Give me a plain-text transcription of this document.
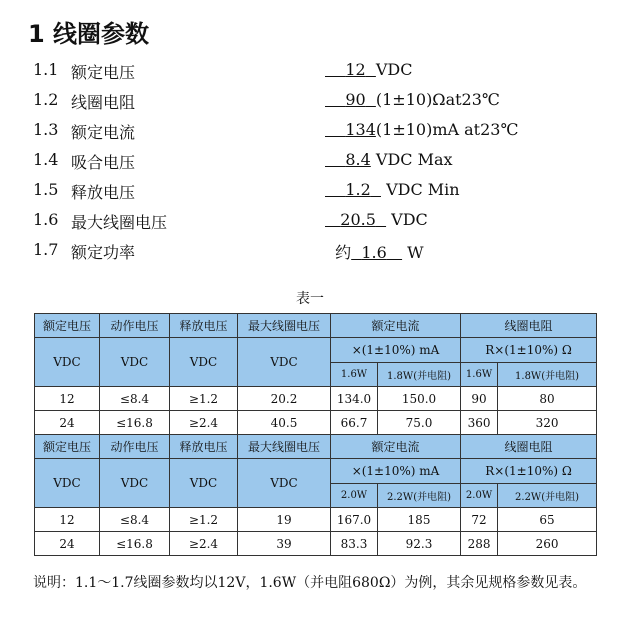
1 线圈参数
1.1 额定电压	12 VDC
1.2 线圈电阻	90 (1±10)Ωat23℃
1.3 额定电流	134(1±10)mA at23℃
1.4 吸合电压	8.4 VDC Max
1.5 释放电压	1.2 VDC Min
1.6 最大线圈电压	20.5 VDC
1.7 额定功率	约 1.6 W
表一
额定电压	动作电压	释放电压	最大线圈电压	额定电流		线圈电阻	
VDC	VDC	VDC	VDC	×(1±10%) mA		R×(1±10%) Ω	
				1.6W	1.8W(并电阻)	1.6W	1.8W(并电阻)
12	≤8.4	≥1.2	20.2	134.0	150.0	90	80
24	≤16.8	≥2.4	40.5	66.7	75.0	360	320
额定电压	动作电压	释放电压	最大线圈电压	额定电流		线圈电阻	
VDC	VDC	VDC	VDC	×(1±10%) mA		R×(1±10%) Ω	
				2.0W	2.2W(并电阻)	2.0W	2.2W(并电阻)
12	≤8.4	≥1.2	19	167.0	185	72	65
24	≤16.8	≥2.4	39	83.3	92.3	288	260
说明：1.1～1.7线圈参数均以12V，1.6W（并电阻680Ω）为例，其余见规格参数见表。
